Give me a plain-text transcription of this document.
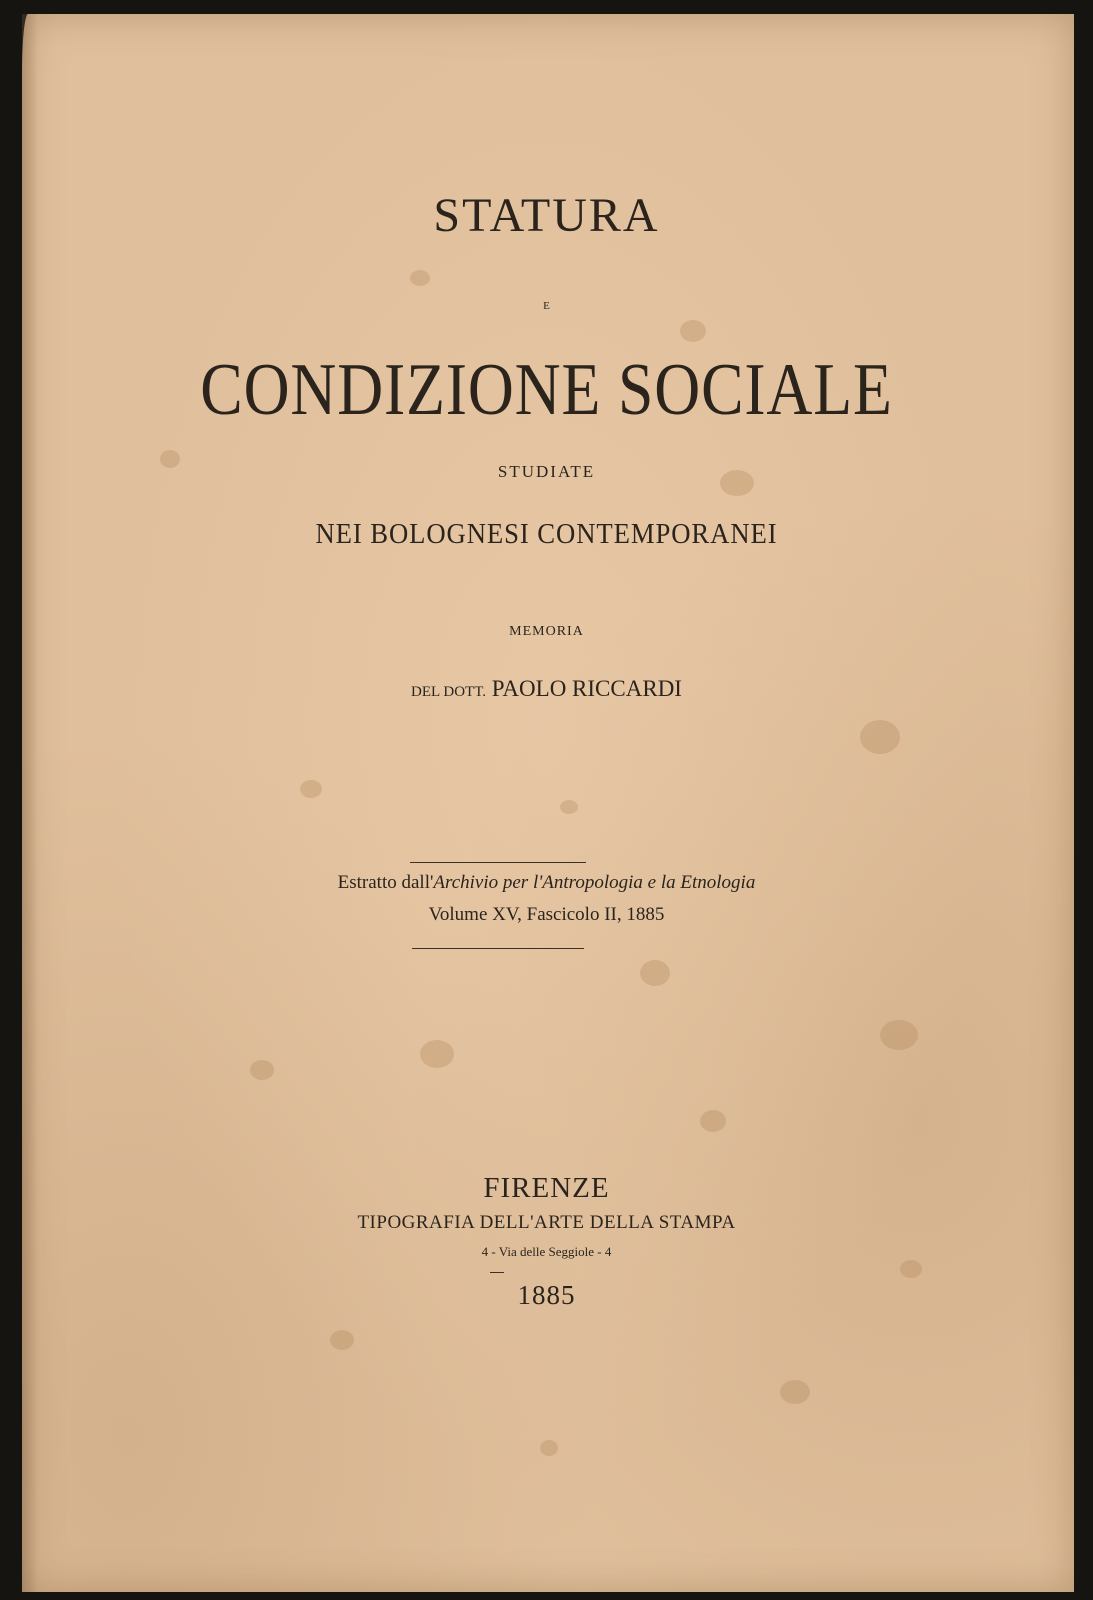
STATURA
E
CONDIZIONE SOCIALE
STUDIATE
NEI BOLOGNESI CONTEMPORANEI
MEMORIA
DEL DOTT. PAOLO RICCARDI
Estratto dall'Archivio per l'Antropologia e la Etnologia
Volume XV, Fascicolo II, 1885
FIRENZE
TIPOGRAFIA DELL'ARTE DELLA STAMPA
4 - Via delle Seggiole - 4
1885
